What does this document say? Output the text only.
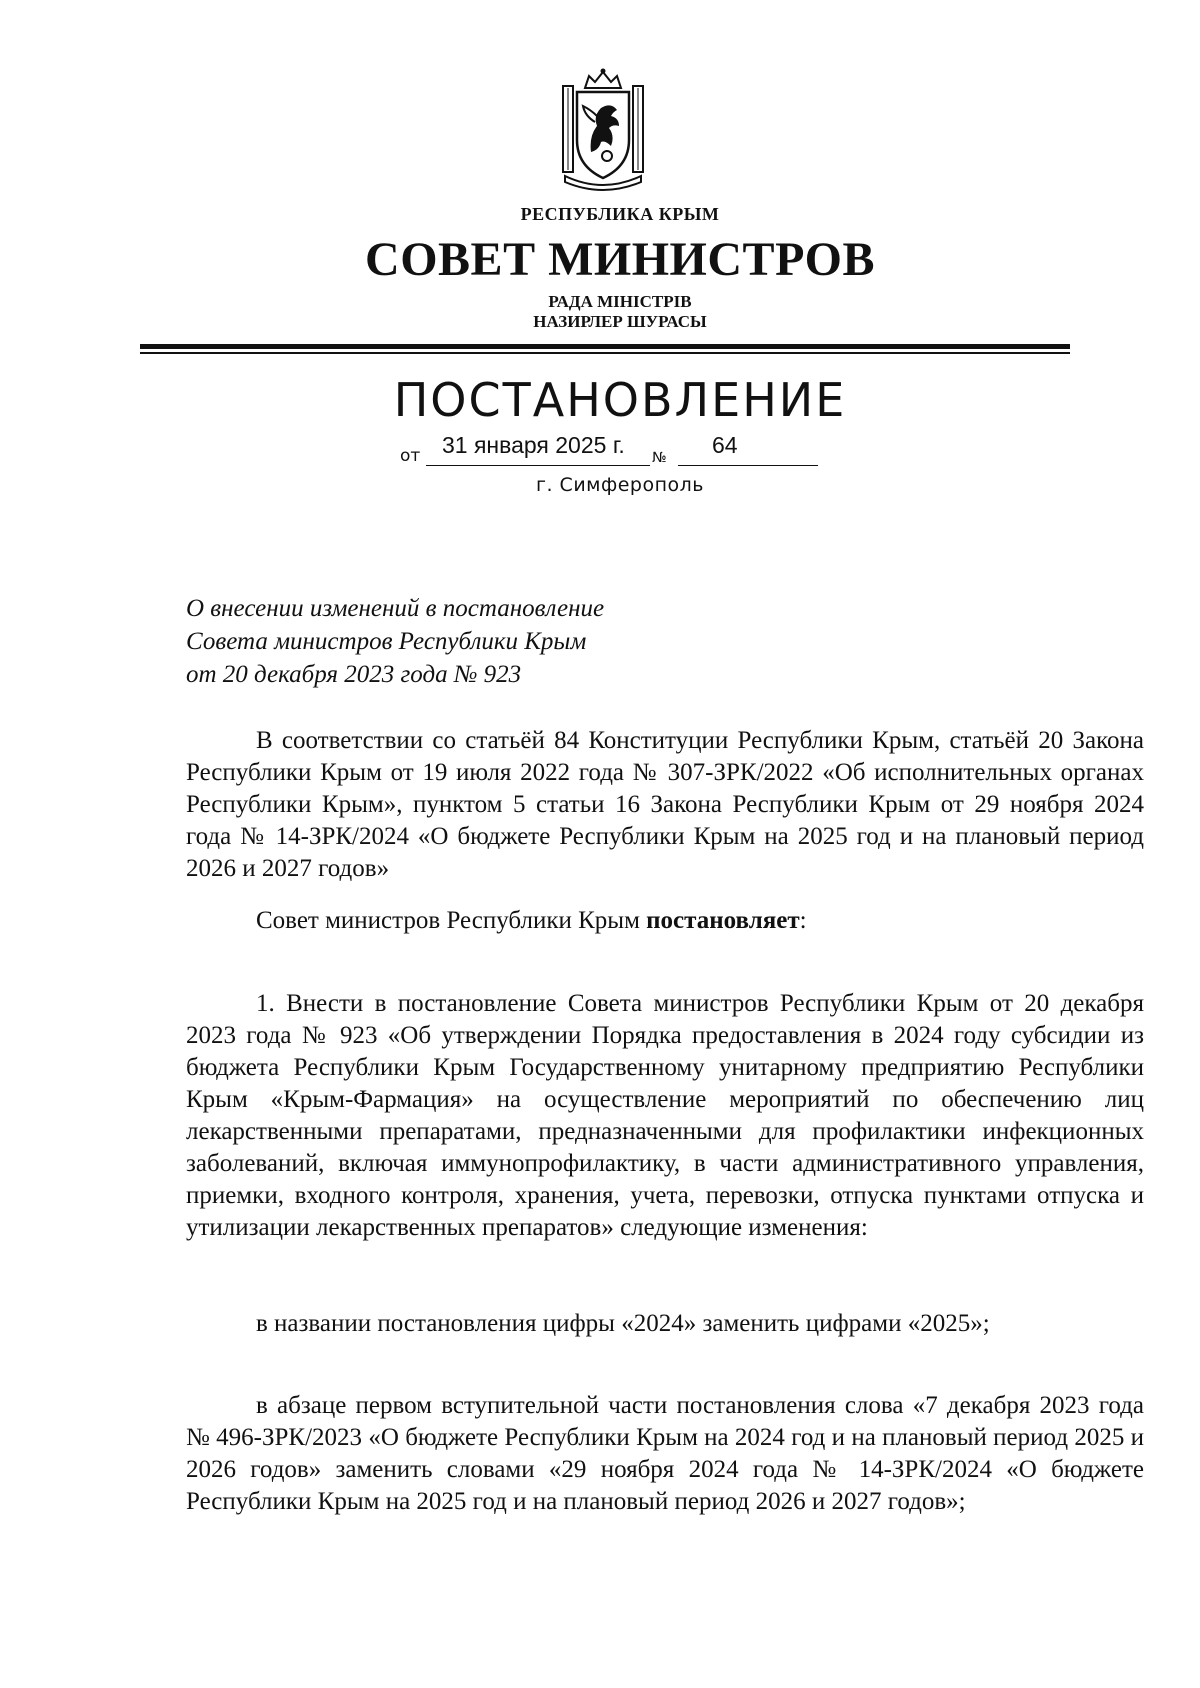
РЕСПУБЛИКА КРЫМ
СОВЕТ МИНИСТРОВ
РАДА МІНІСТРІВ
НАЗИРЛЕР ШУРАСЫ
ПОСТАНОВЛЕНИЕ
от 31 января 2025 г. № 64
г. Симферополь
О внесении изменений в постановление
Совета министров Республики Крым
от 20 декабря 2023 года № 923

В соответствии со статьёй 84 Конституции Республики Крым, статьёй 20 Закона Республики Крым от 19 июля 2022 года № 307-ЗРК/2022 «Об исполнительных органах Республики Крым», пунктом 5 статьи 16 Закона Республики Крым от 29 ноября 2024 года № 14-ЗРК/2024 «О бюджете Республики Крым на 2025 год и на плановый период 2026 и 2027 годов»

Совет министров Республики Крым постановляет:

1. Внести в постановление Совета министров Республики Крым от 20 декабря 2023 года № 923 «Об утверждении Порядка предоставления в 2024 году субсидии из бюджета Республики Крым Государственному унитарному предприятию Республики Крым «Крым-Фармация» на осуществление мероприятий по обеспечению лиц лекарственными препаратами, предназначенными для профилактики инфекционных заболеваний, включая иммунопрофилактику, в части административного управления, приемки, входного контроля, хранения, учета, перевозки, отпуска пунктами отпуска и утилизации лекарственных препаратов» следующие изменения:

в названии постановления цифры «2024» заменить цифрами «2025»;

в абзаце первом вступительной части постановления слова «7 декабря 2023 года № 496-ЗРК/2023 «О бюджете Республики Крым на 2024 год и на плановый период 2025 и 2026 годов» заменить словами «29 ноября 2024 года № 14-ЗРК/2024 «О бюджете Республики Крым на 2025 год и на плановый период 2026 и 2027 годов»;
